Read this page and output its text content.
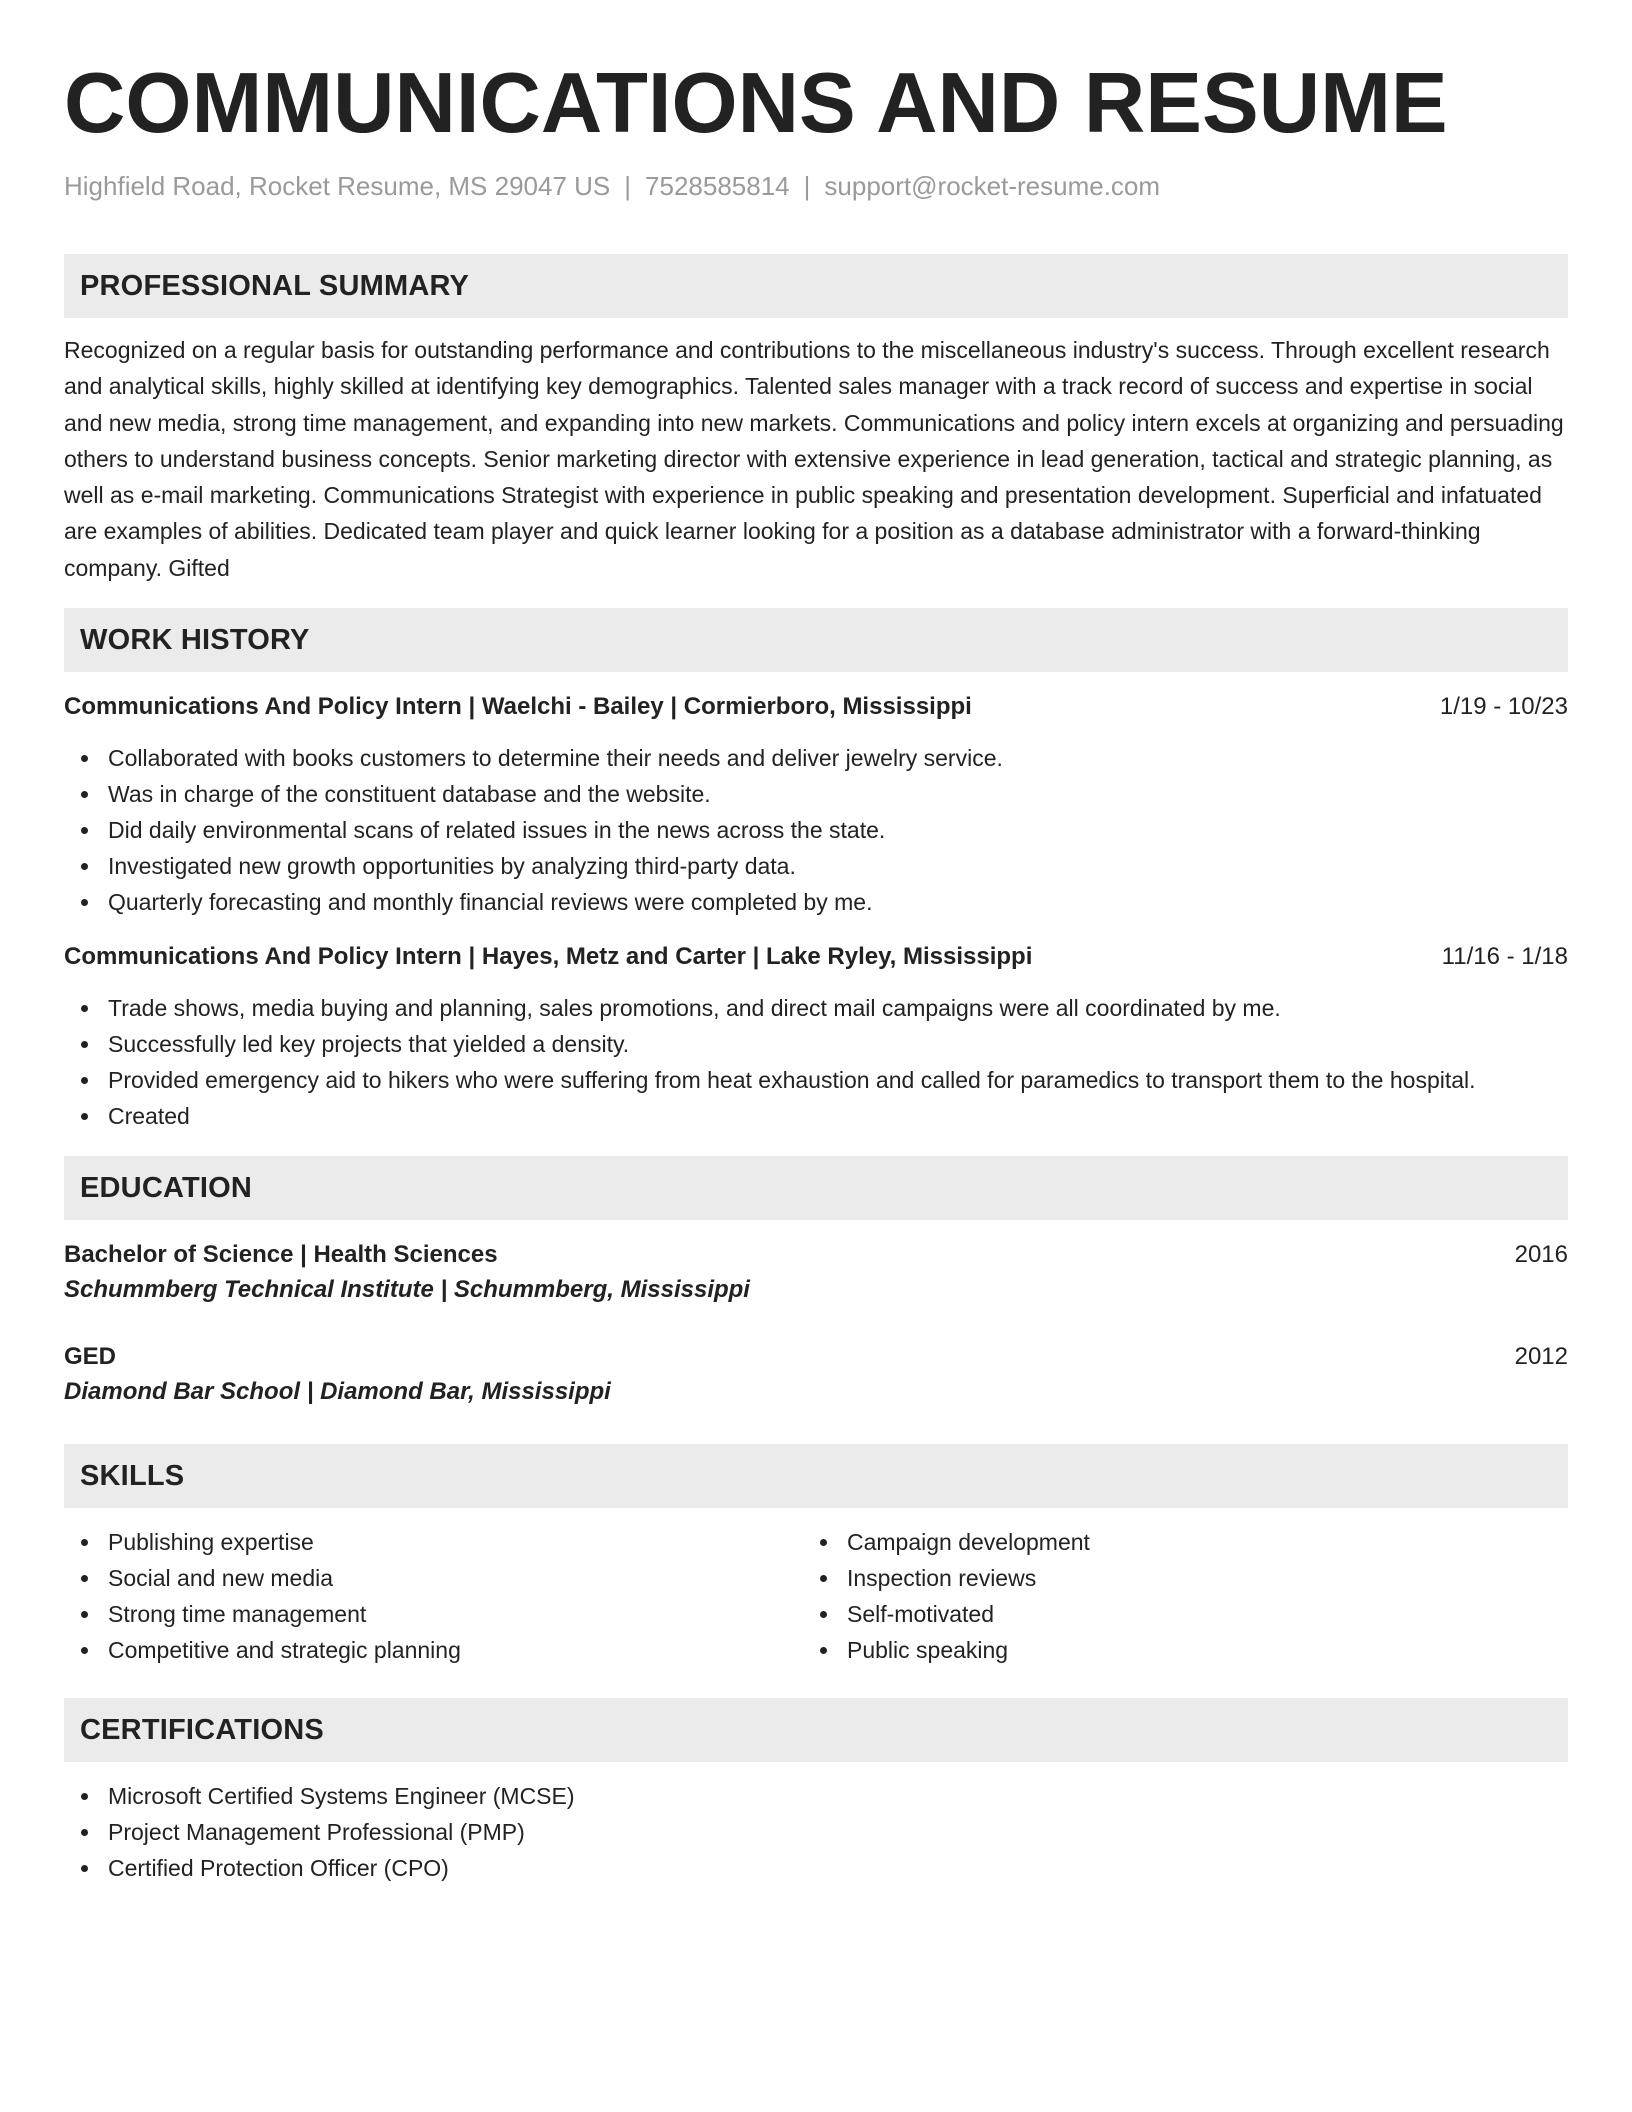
COMMUNICATIONS AND RESUME
Highfield Road, Rocket Resume, MS 29047 US | 7528585814 | support@rocket-resume.com
PROFESSIONAL SUMMARY

Recognized on a regular basis for outstanding performance and contributions to the miscellaneous industry's success. Through excellent research and analytical skills, highly skilled at identifying key demographics. Talented sales manager with a track record of success and expertise in social and new media, strong time management, and expanding into new markets. Communications and policy intern excels at organizing and persuading others to understand business concepts. Senior marketing director with extensive experience in lead generation, tactical and strategic planning, as well as e-mail marketing. Communications Strategist with experience in public speaking and presentation development. Superficial and infatuated are examples of abilities. Dedicated team player and quick learner looking for a position as a database administrator with a forward-thinking company. Gifted

WORK HISTORY
Communications And Policy Intern | Waelchi - Bailey | Cormierboro, Mississippi	1/19 - 10/23
Collaborated with books customers to determine their needs and deliver jewelry service.
Was in charge of the constituent database and the website.
Did daily environmental scans of related issues in the news across the state.
Investigated new growth opportunities by analyzing third-party data.
Quarterly forecasting and monthly financial reviews were completed by me.
Communications And Policy Intern | Hayes, Metz and Carter | Lake Ryley, Mississippi	11/16 - 1/18
Trade shows, media buying and planning, sales promotions, and direct mail campaigns were all coordinated by me.
Successfully led key projects that yielded a density.
Provided emergency aid to hikers who were suffering from heat exhaustion and called for paramedics to transport them to the hospital.
Created
EDUCATION
Bachelor of Science | Health Sciences	2016
Schummberg Technical Institute | Schummberg, Mississippi
GED	2012
Diamond Bar School | Diamond Bar, Mississippi
SKILLS
Publishing expertise
Social and new media
Strong time management
Competitive and strategic planning
Campaign development
Inspection reviews
Self-motivated
Public speaking
CERTIFICATIONS
Microsoft Certified Systems Engineer (MCSE)
Project Management Professional (PMP)
Certified Protection Officer (CPO)
